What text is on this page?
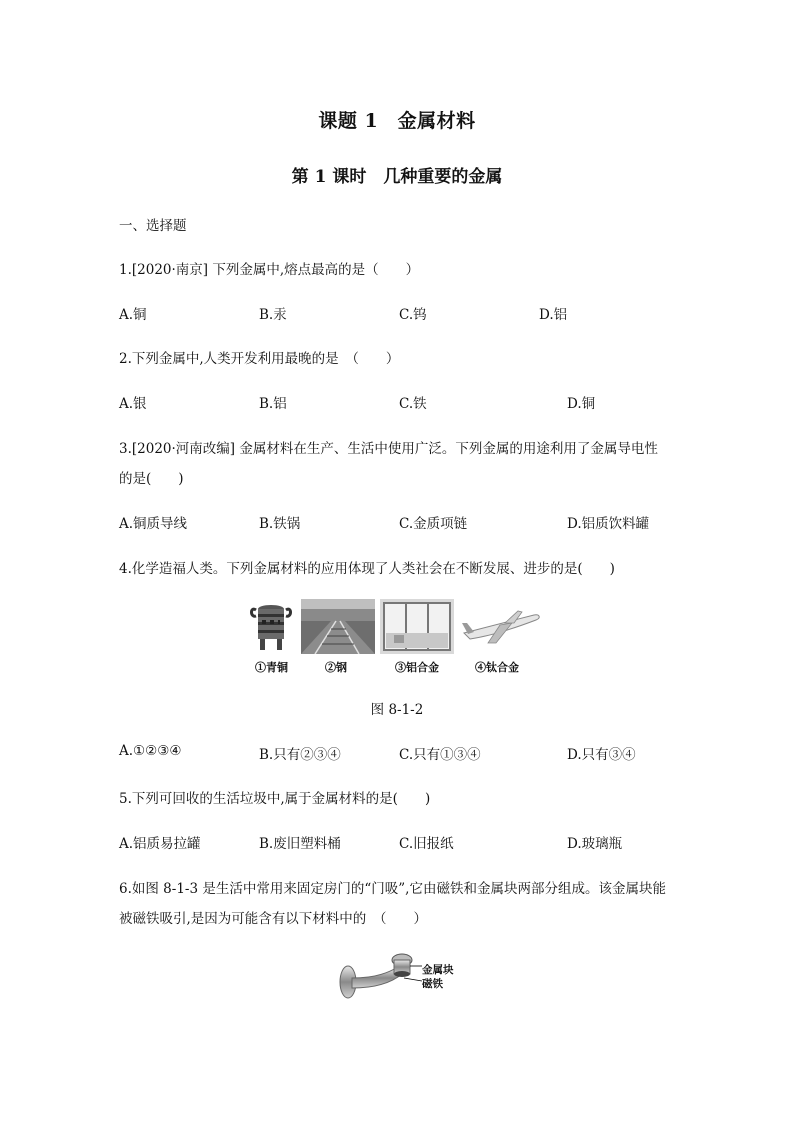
课题 1　金属材料
第 1 课时　几种重要的金属
一、选择题
1.[2020·南京] 下列金属中,熔点最高的是（　　）
A.铜	B.汞	C.钨	D.铝
2.下列金属中,人类开发利用最晚的是　（　　）
A.银	B.铝	C.铁	D.铜
3.[2020·河南改编] 金属材料在生产、生活中使用广泛。下列金属的用途利用了金属导电性
的是(　　)
A.铜质导线	B.铁锅	C.金质项链	D.铝质饮料罐
4.化学造福人类。下列金属材料的应用体现了人类社会在不断发展、进步的是(　　)
①青铜	②钢	③铝合金	④钛合金
图 8-1-2
A.①②③④	B.只有②③④	C.只有①③④	D.只有③④
5.下列可回收的生活垃圾中,属于金属材料的是(　　)
A.铝质易拉罐	B.废旧塑料桶	C.旧报纸	D.玻璃瓶
6.如图 8-1-3 是生活中常用来固定房门的“门吸”,它由磁铁和金属块两部分组成。该金属块能
被磁铁吸引,是因为可能含有以下材料中的　（　　）
金属块
磁铁
